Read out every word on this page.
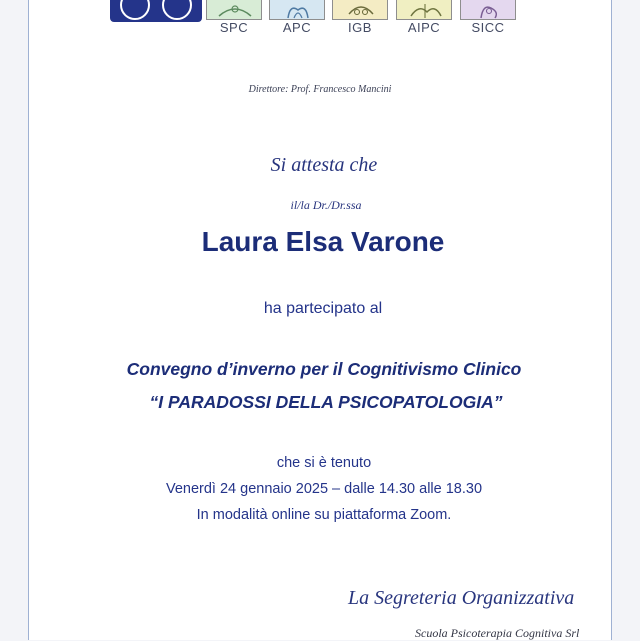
SPC	APC	IGB	AIPC	SICC
Direttore: Prof. Francesco Mancini
Si attesta che
il/la Dr./Dr.ssa
Laura Elsa Varone
ha partecipato al
Convegno d’inverno per il Cognitivismo Clinico
“I PARADOSSI DELLA PSICOPATOLOGIA”
che si è tenuto
Venerdì 24 gennaio 2025 – dalle 14.30 alle 18.30
In modalità online su piattaforma Zoom.
La Segreteria Organizzativa
Scuola Psicoterapia Cognitiva Srl
